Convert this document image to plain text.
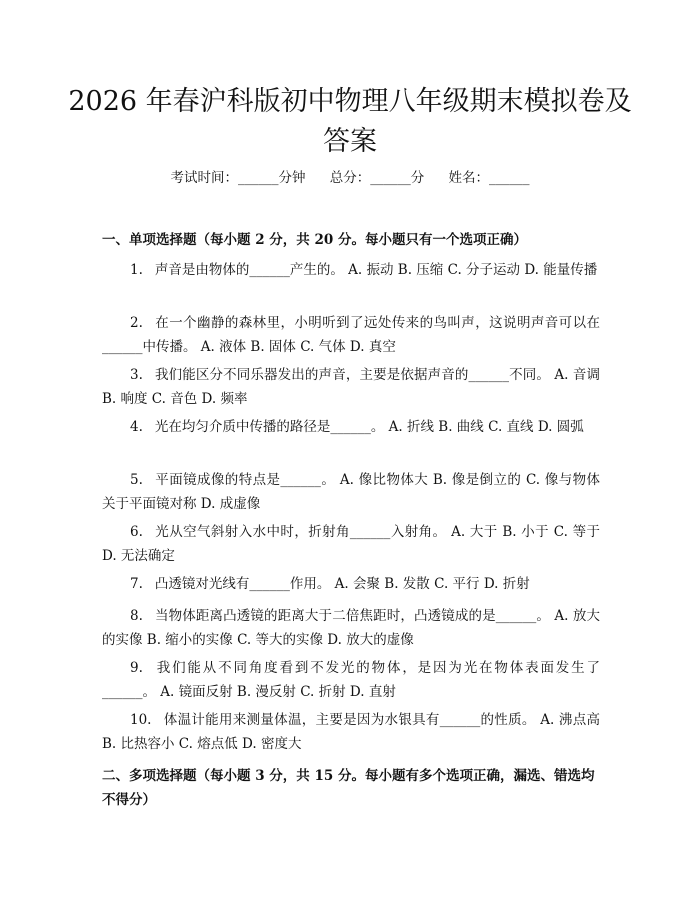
2026 年春沪科版初中物理八年级期末模拟卷及答案
考试时间：______分钟 总分：______分 姓名：______

一、单项选择题（每小题 2 分，共 20 分。每小题只有一个选项正确）

1. 声音是由物体的______产生的。 A. 振动 B. 压缩 C. 分子运动 D. 能量传播

2. 在一个幽静的森林里，小明听到了远处传来的鸟叫声，这说明声音可以在______中传播。 A. 液体 B. 固体 C. 气体 D. 真空

3. 我们能区分不同乐器发出的声音，主要是依据声音的______不同。 A. 音调 B. 响度 C. 音色 D. 频率

4. 光在均匀介质中传播的路径是______。 A. 折线 B. 曲线 C. 直线 D. 圆弧

5. 平面镜成像的特点是______。 A. 像比物体大 B. 像是倒立的 C. 像与物体关于平面镜对称 D. 成虚像

6. 光从空气斜射入水中时，折射角______入射角。 A. 大于 B. 小于 C. 等于 D. 无法确定

7. 凸透镜对光线有______作用。 A. 会聚 B. 发散 C. 平行 D. 折射

8. 当物体距离凸透镜的距离大于二倍焦距时，凸透镜成的是______。 A. 放大的实像 B. 缩小的实像 C. 等大的实像 D. 放大的虚像

9. 我们能从不同角度看到不发光的物体，是因为光在物体表面发生了______。 A. 镜面反射 B. 漫反射 C. 折射 D. 直射

10. 体温计能用来测量体温，主要是因为水银具有______的性质。 A. 沸点高 B. 比热容小 C. 熔点低 D. 密度大

二、多项选择题（每小题 3 分，共 15 分。每小题有多个选项正确，漏选、错选均不得分）
